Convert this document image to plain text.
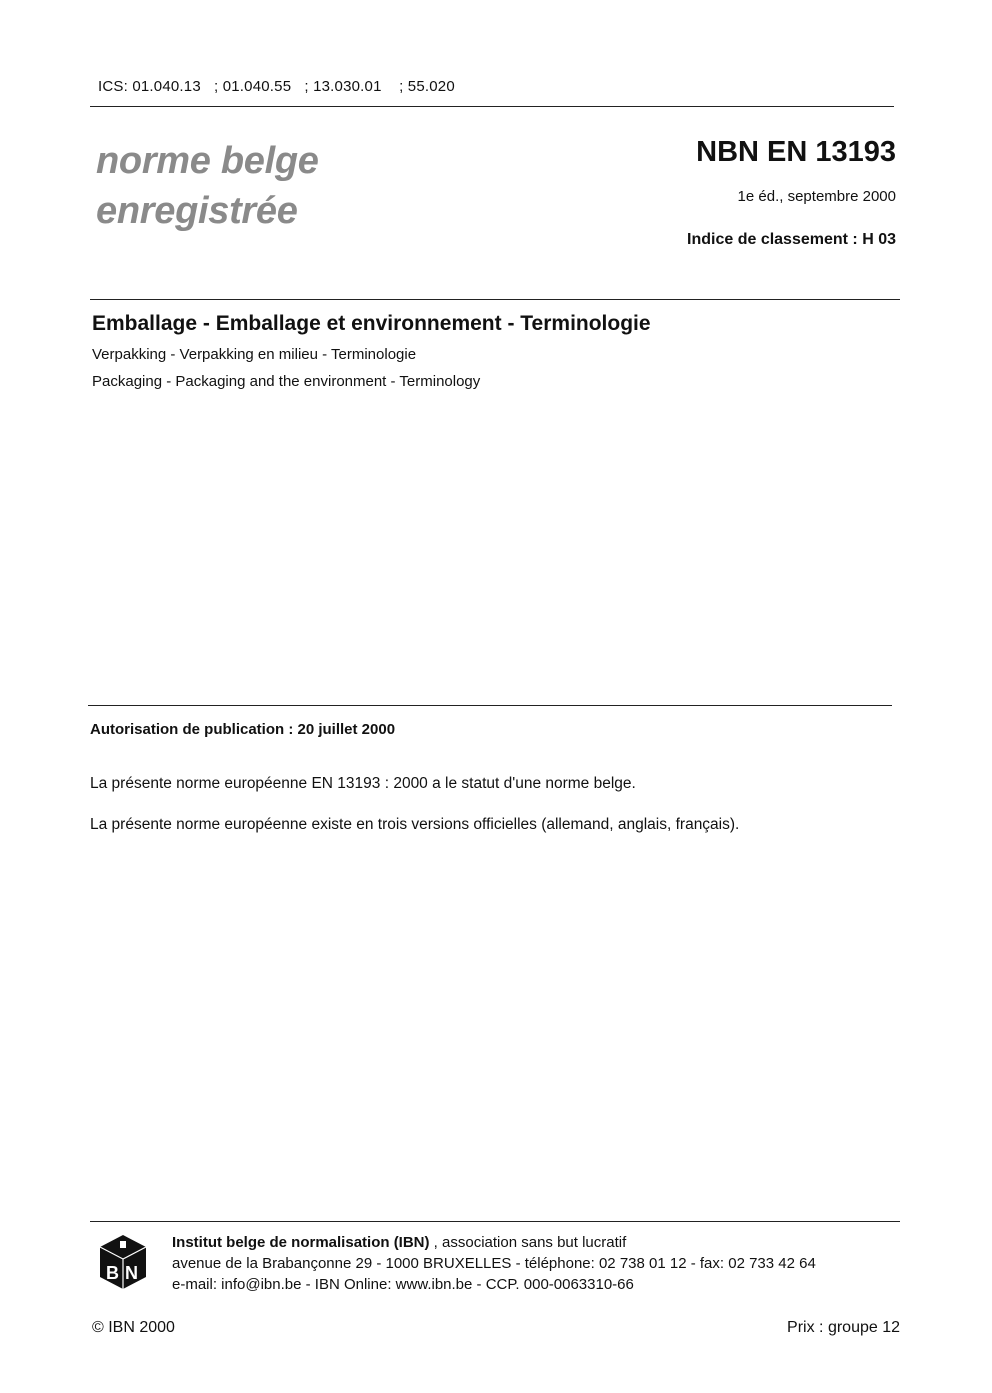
ICS: 01.040.13   ; 01.040.55   ; 13.030.01    ; 55.020
norme belge
enregistrée
NBN EN 13193
1e éd., septembre 2000
Indice de classement : H 03
Emballage - Emballage et environnement - Terminologie
Verpakking - Verpakking en milieu - Terminologie
Packaging - Packaging and the environment - Terminology
Autorisation de publication : 20 juillet 2000
La présente norme européenne EN 13193 : 2000 a le statut d'une norme belge.
La présente norme européenne existe en trois versions officielles (allemand, anglais, français).
B N
Institut belge de normalisation (IBN) , association sans but lucratif
avenue de la Brabançonne 29 - 1000 BRUXELLES - téléphone: 02 738 01 12 - fax: 02 733 42 64
e-mail: info@ibn.be - IBN Online: www.ibn.be - CCP. 000-0063310-66
© IBN 2000	Prix : groupe 12
